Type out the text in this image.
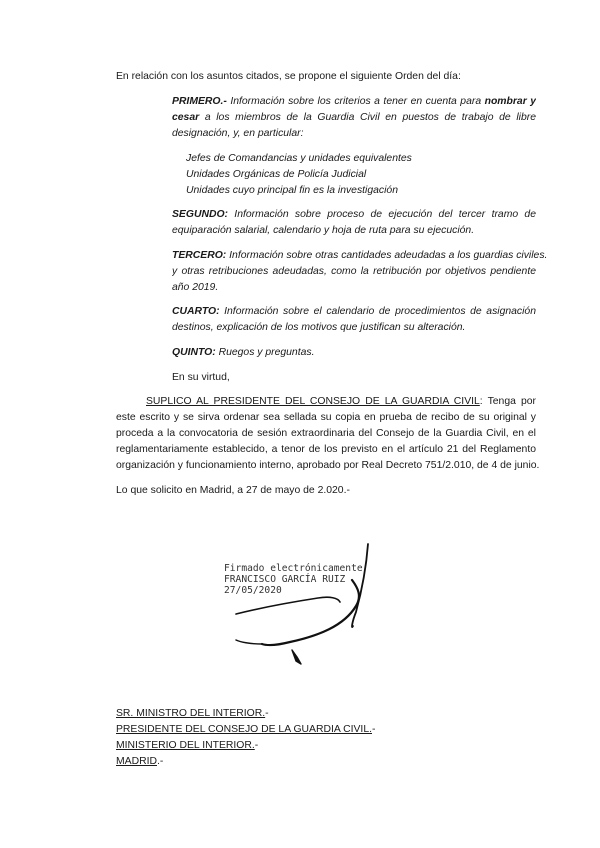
En relación con los asuntos citados, se propone el siguiente Orden del día:
PRIMERO.- Información sobre los criterios a tener en cuenta para nombrar y
cesar a los miembros de la Guardia Civil en puestos de trabajo de libre
designación, y, en particular:
Jefes de Comandancias y unidades equivalentes
Unidades Orgánicas de Policía Judicial
Unidades cuyo principal fin es la investigación
SEGUNDO: Información sobre proceso de ejecución del tercer tramo de
equiparación salarial, calendario y hoja de ruta para su ejecución.
TERCERO: Información sobre otras cantidades adeudadas a los guardias civiles.
y otras retribuciones adeudadas, como la retribución por objetivos pendiente
año 2019.
CUARTO: Información sobre el calendario de procedimientos de asignación
destinos, explicación de los motivos que justifican su alteración.
QUINTO: Ruegos y preguntas.
En su virtud,
SUPLICO AL PRESIDENTE DEL CONSEJO DE LA GUARDIA CIVIL: Tenga por
este escrito y se sirva ordenar sea sellada su copia en prueba de recibo de su original y
proceda a la convocatoria de sesión extraordinaria del Consejo de la Guardia Civil, en el
reglamentariamente establecido, a tenor de los previsto en el artículo 21 del Reglamento
organización y funcionamiento interno, aprobado por Real Decreto 751/2.010, de 4 de junio.
Lo que solicito en Madrid, a 27 de mayo de 2.020.-
Firmado electrónicamente
FRANCISCO GARCÍA RUIZ
27/05/2020
SR. MINISTRO DEL INTERIOR.-
PRESIDENTE DEL CONSEJO DE LA GUARDIA CIVIL.-
MINISTERIO DEL INTERIOR.-
MADRID.-
